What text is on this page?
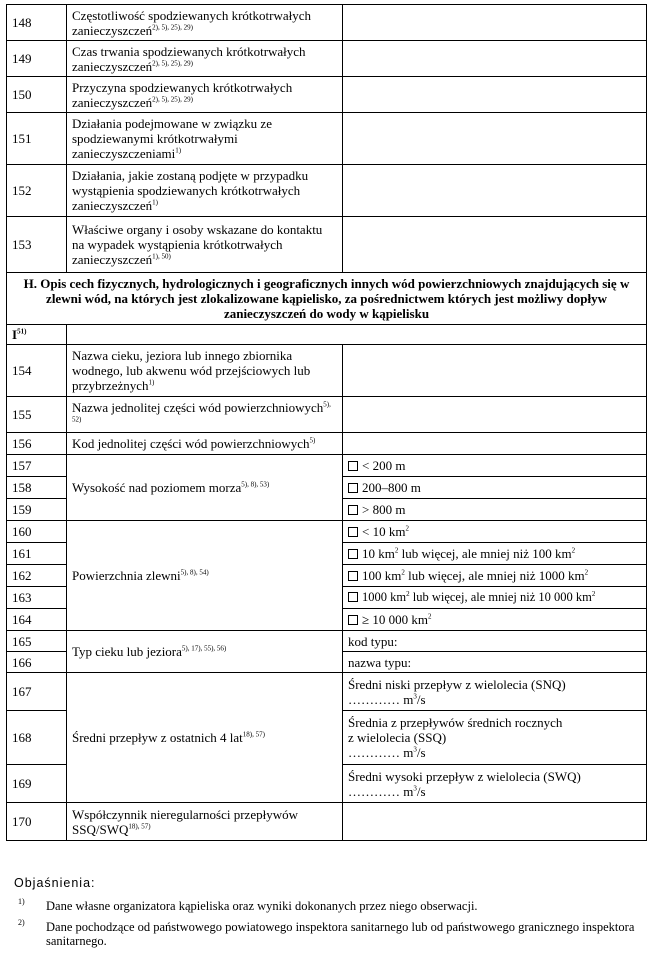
148	Częstotliwość spodziewanych krótkotrwałych zanieczyszczeń$^{2), 5), 25), 29)}$	
149	Czas trwania spodziewanych krótkotrwałych zanieczyszczeń$^{2), 5), 25), 29)}$	
150	Przyczyna spodziewanych krótkotrwałych zanieczyszczeń$^{2), 5), 25), 29)}$	
151	Działania podejmowane w związku ze spodziewanymi krótkotrwałymi zanieczyszczeniami$^{1)}$	
152	Działania, jakie zostaną podjęte w przypadku wystąpienia spodziewanych krótkotrwałych zanieczyszczeń$^{1)}$	
153	Właściwe organy i osoby wskazane do kontaktu na wypadek wystąpienia krótkotrwałych zanieczyszczeń$^{1), 50)}$	
H. Opis cech fizycznych, hydrologicznych i geograficznych innych wód powierzchniowych znajdujących się w zlewni wód, na których jest zlokalizowane kąpielisko, za pośrednictwem których jest możliwy dopływ zanieczyszczeń do wody w kąpielisku		
$I^{51)}$	
154	Nazwa cieku, jeziora lub innego zbiornika wodnego, lub akwenu wód przejściowych lub przybrzeżnych$^{1)}$	
155	Nazwa jednolitej części wód powierzchniowych$^{5), 52)}$	
156	Kod jednolitej części wód powierzchniowych$^{5)}$	
157	Wysokość nad poziomem morza$^{5), 8), 53)}$	< 200 m
158		200–800 m
159		> 800 m
160	Powierzchnia zlewni$^{5), 8), 54)}$	< 10 $km^2$
161		10 $km^2$ lub więcej, ale mniej niż 100 $km^2$
162		100 $km^2$ lub więcej, ale mniej niż 1000 $km^2$
163		1000 $km^2$ lub więcej, ale mniej niż 10 000 $km^2$
164		≥ 10 000 $km^2$
165	Typ cieku lub jeziora$^{5), 17), 55), 56)}$	kod typu:
166		nazwa typu:
167	Średni przepływ z ostatnich 4 lat$^{18), 57)}$	Średni niski przepływ z wielolecia (SNQ)
………… $m^3/s$

168		Średnia z przepływów średnich rocznych
z wielolecia (SSQ)
………… $m^3/s$

169		Średni wysoki przepływ z wielolecia (SWQ)
………… $m^3/s$

170	Współczynnik nieregularności przepływów SSQ/$SWQ^{18), 57)}$	
Objaśnienia:
1) Dane własne organizatora kąpieliska oraz wyniki dokonanych przez niego obserwacji.
2) Dane pochodzące od państwowego powiatowego inspektora sanitarnego lub od państwowego granicznego inspektora sanitarnego.
